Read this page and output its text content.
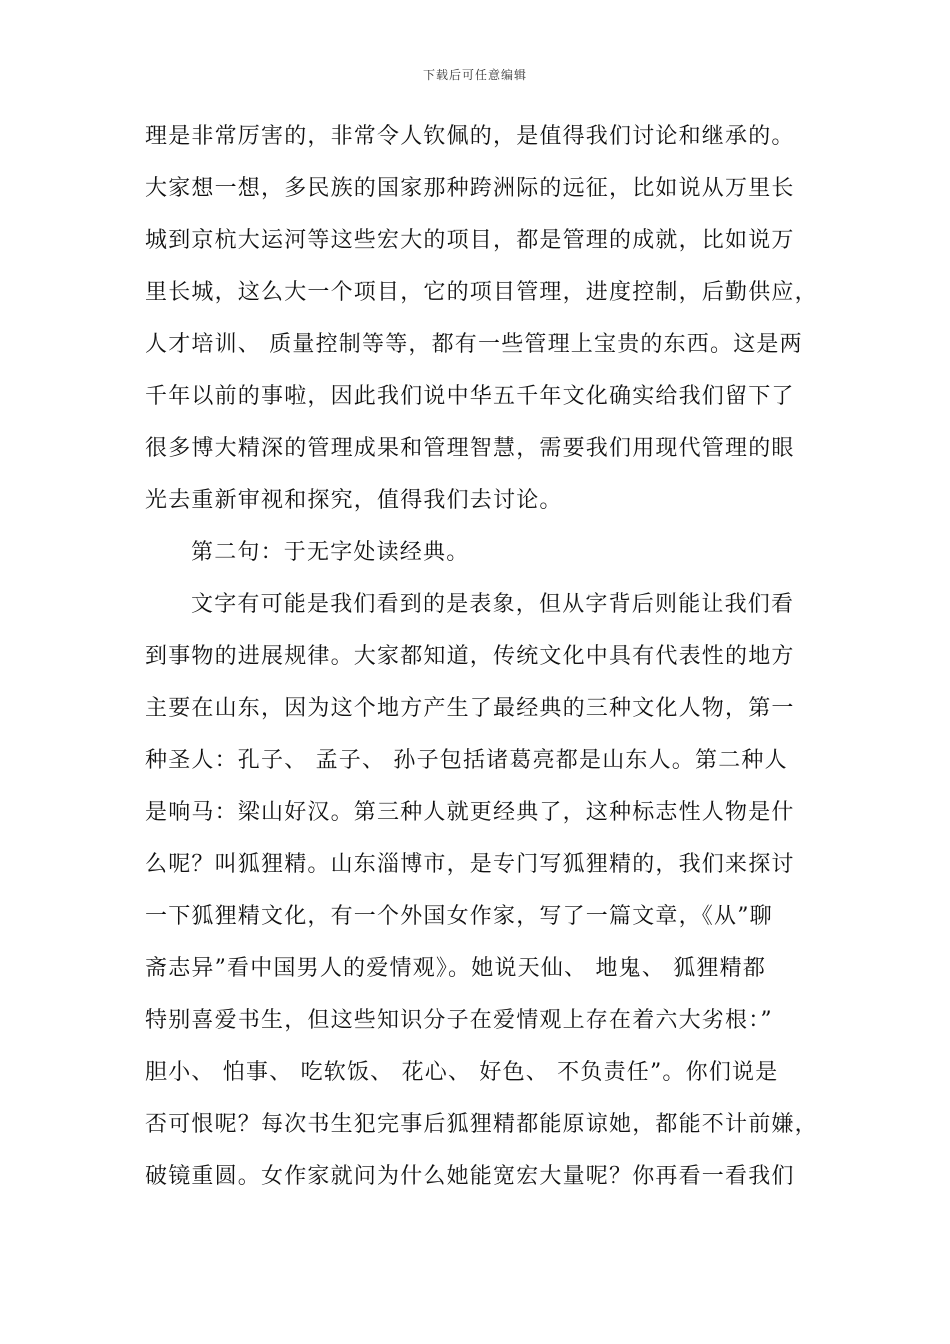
下载后可任意编辑
理是非常厉害的，非常令人钦佩的，是值得我们讨论和继承的。
大家想一想，多民族的国家那种跨洲际的远征，比如说从万里长
城到京杭大运河等这些宏大的项目，都是管理的成就，比如说万
里长城，这么大一个项目，它的项目管理，进度控制，后勤供应，
人才培训、 质量控制等等，都有一些管理上宝贵的东西。这是两
千年以前的事啦，因此我们说中华五千年文化确实给我们留下了
很多博大精深的管理成果和管理智慧，需要我们用现代管理的眼
光去重新审视和探究，值得我们去讨论。
第二句：于无字处读经典。
文字有可能是我们看到的是表象，但从字背后则能让我们看
到事物的进展规律。大家都知道，传统文化中具有代表性的地方
主要在山东，因为这个地方产生了最经典的三种文化人物，第一
种圣人：孔子、 孟子、 孙子包括诸葛亮都是山东人。第二种人
是响马：梁山好汉。第三种人就更经典了，这种标志性人物是什
么呢？叫狐狸精。山东淄博市，是专门写狐狸精的，我们来探讨
一下狐狸精文化，有一个外国女作家，写了一篇文章，《从”聊
斋志异”看中国男人的爱情观》。她说天仙、 地鬼、 狐狸精都
特别喜爱书生，但这些知识分子在爱情观上存在着六大劣根：”
胆小、 怕事、 吃软饭、 花心、 好色、 不负责任”。你们说是
否可恨呢？每次书生犯完事后狐狸精都能原谅她，都能不计前嫌，
破镜重圆。女作家就问为什么她能宽宏大量呢？你再看一看我们
